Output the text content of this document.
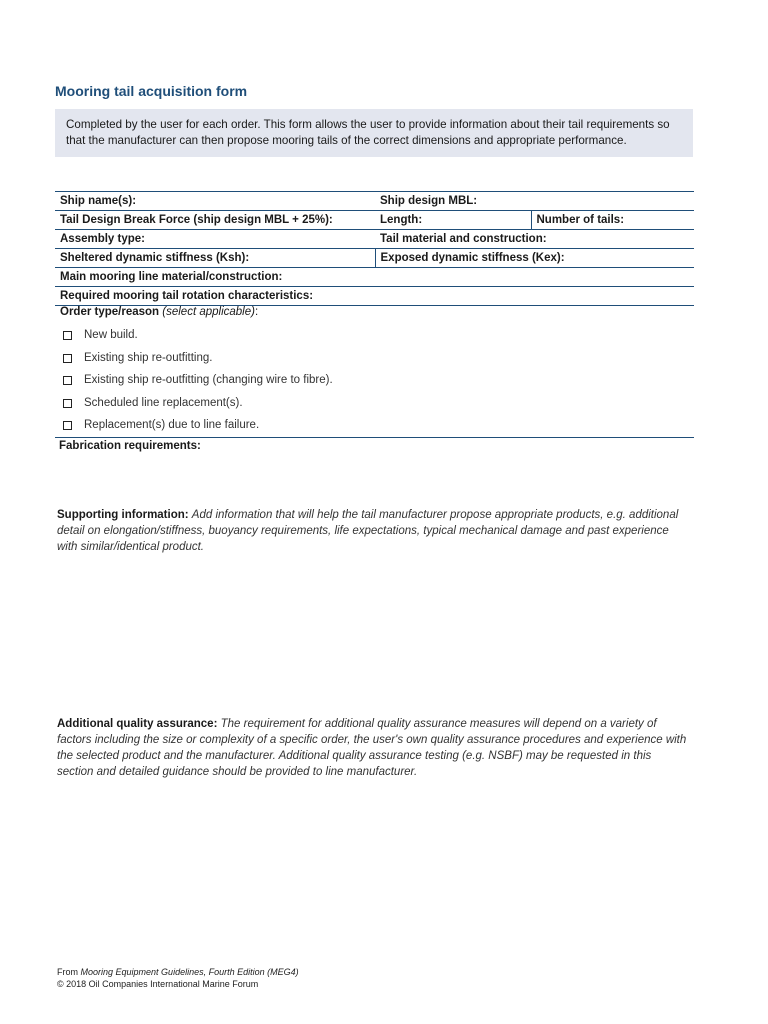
Mooring tail acquisition form
Completed by the user for each order. This form allows the user to provide information about their tail requirements so that the manufacturer can then propose mooring tails of the correct dimensions and appropriate performance.
Ship name(s):	Ship design MBL:	
Tail Design Break Force (ship design MBL + 25%):	Length:	Number of tails:
Assembly type:	Tail material and construction:	
Sheltered dynamic stiffness (Ksh):	Exposed dynamic stiffness (Kex):	
Main mooring line material/construction:		
Required mooring tail rotation characteristics:		
Order type/reason (select applicable):
New build.
Existing ship re-outfitting.
Existing ship re-outfitting (changing wire to fibre).
Scheduled line replacement(s).
Replacement(s) due to line failure.
Fabrication requirements:
Supporting information: Add information that will help the tail manufacturer propose appropriate products, e.g. additional detail on elongation/stiffness, buoyancy requirements, life expectations, typical mechanical damage and past experience with similar/identical product.
Additional quality assurance: The requirement for additional quality assurance measures will depend on a variety of factors including the size or complexity of a specific order, the user's own quality assurance procedures and experience with the selected product and the manufacturer. Additional quality assurance testing (e.g. NSBF) may be requested in this section and detailed guidance should be provided to line manufacturer.
From Mooring Equipment Guidelines, Fourth Edition (MEG4)
© 2018 Oil Companies International Marine Forum
